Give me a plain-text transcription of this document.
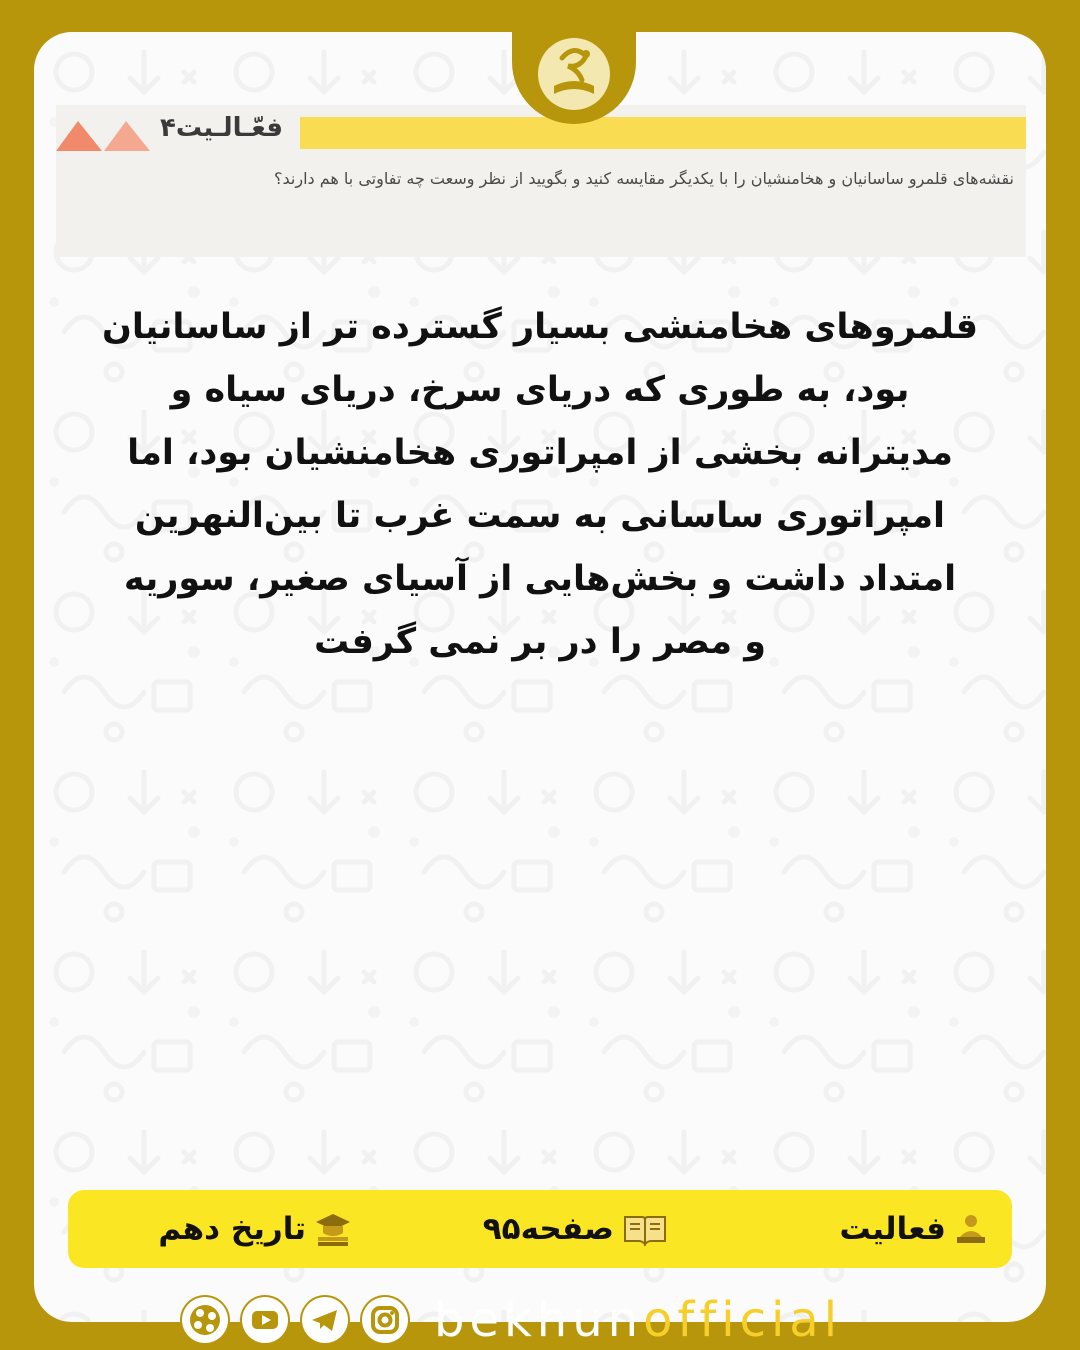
فعّـالـیت۴
نقشه‌های قلمرو ساسانیان و هخامنشیان را با یکدیگر مقایسه کنید و بگویید از نظر وسعت چه تفاوتی با هم دارند؟
قلمروهای هخامنشی بسیار گسترده تر از ساسانیان
بود، به طوری که دریای سرخ، دریای سیاه و
مدیترانه بخشی از امپراتوری هخامنشیان بود، اما
امپراتوری ساسانی به سمت غرب تا بین‌النهرین
امتداد داشت و بخش‌هایی از آسیای صغیر، سوریه
و مصر را در بر نمی گرفت
فعالیت
صفحه۹۵
تاریخ دهم
bekhunofficial
